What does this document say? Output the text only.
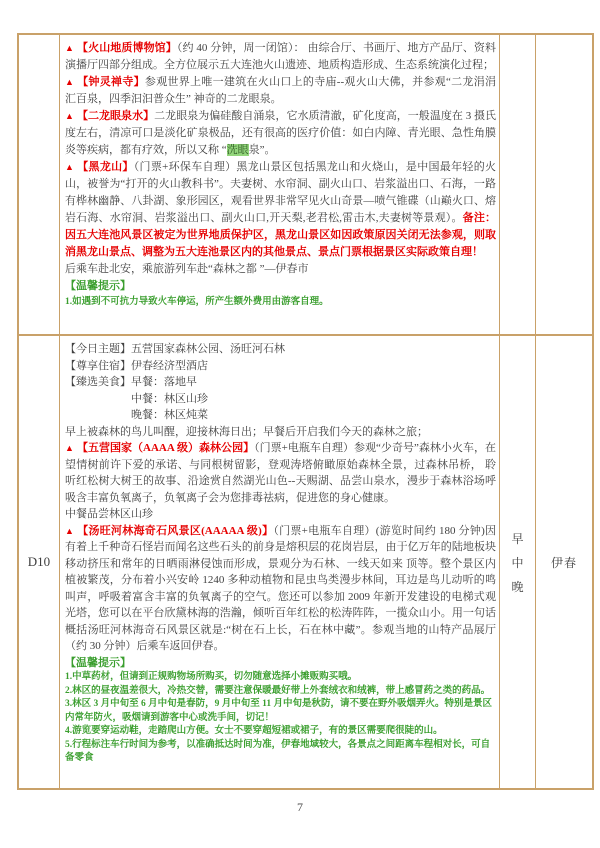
▲ 【火山地质博物馆】（约 40 分钟，周一闭馆）： 由综合厅、书画厅、地方产品厅、资料演播厅四部分组成。全方位展示五大连池火山遗迹、地质构造形成、生态系统演化过程；
▲ 【钟灵禅寺】参观世界上唯一建筑在火山口上的寺庙--观火山大佛，并参观“二龙涓涓汇百泉，四季汩汩普众生” 神奇的二龙眼泉。
▲ 【二龙眼泉水】二龙眼泉为偏硅酸自涌泉，它水质清澈，矿化度高，一般温度在 3 摄氏度左右，清凉可口是淡化矿泉极品，还有很高的医疗价值：如白内障、青光眼、急性角膜炎等疾病，都有疗效，所以又称 “洗眼泉”。
▲ 【黑龙山】（门票+环保车自理）黑龙山景区包括黑龙山和火烧山，是中国最年轻的火山，被誉为“打开的火山教科书”。夫妻树、水帘洞、副火山口、岩浆溢出口、石海，一路有桦林幽静、八卦湖、象形园区，观看世界非常罕见火山奇景—喷气锥碟（山巅火口、熔岩石海、水帘洞、岩浆溢出口、副火山口,开天梨,老君松,雷击木,夫妻树等景观）。备注：因五大连池风景区被定为世界地质保护区，黑龙山景区如因政策原因关闭无法参观，则取消黑龙山景点、调整为五大连池景区内的其他景点、景点门票根据景区实际政策自理！
后乘车赴北安，乘旅游列车赴“森林之都 ”—伊春市
【温馨提示】
1.如遇到不可抗力导致火车停运，所产生额外费用由游客自理。
D10
【今日主题】五营国家森林公园、汤旺河石林
【尊享住宿】伊春经济型酒店
【臻选美食】早餐：落地早
中餐：林区山珍
晚餐：林区炖菜
早上被森林的鸟儿叫醒，迎接林海日出；早餐后开启我们今天的森林之旅；
▲ 【五营国家（AAAA 级）森林公园】（门票+电瓶车自理）参观“少奇号”森林小火车，在望情树前许下爱的承诺、与同根树留影，登观涛塔俯瞰原始森林全景，过森林吊桥， 聆听红松树大树王的故事、沿途赏自然湖光山色--天赐湖、品尝山泉水，漫步于森林浴场呼吸含丰富负氧离子，负氧离子会为您排毒祛病，促进您的身心健康。
中餐品尝林区山珍
▲ 【汤旺河林海奇石风景区(AAAAA 级)】（门票+电瓶车自理）(游览时间约 180 分钟)因有着上千种奇石怪岩而闻名这些石头的前身是熔积层的花岗岩层，由于亿万年的陆地板块移动挤压和常年的日晒雨淋侵蚀而形成，景观分为石林、一线天如来 顶等。整个景区内植被繁茂，分布着小兴安岭 1240 多种动植物和昆虫鸟类漫步林间，耳边是鸟儿动听的鸣叫声，呼吸着富含丰富的负氧离子的空气。您还可以参加 2009 年新开发建设的电梯式观光塔，您可以在平台欣黛林海的浩瀚，倾听百年红松的松涛阵阵，一揽众山小。用一句话概括汤旺河林海奇石风景区就是:“树在石上长，石在林中藏”。参观当地的山特产品展厅（约 30 分钟）后乘车返回伊春。
【温馨提示】
1.中草药材，但请到正规购物场所购买，切勿随意选择小摊贩购买哦。
2.林区的昼夜温差很大，冷热交替，需要注意保暖最好带上外套绒衣和绒裤，带上感冒药之类的药品。
3.林区 3 月中旬至 6 月中旬是春防，9 月中旬至 11 月中旬是秋防，请不要在野外吸烟弄火。特别是景区内常年防火，吸烟请到游客中心或洗手间，切记！
4.游览要穿运动鞋，走踏爬山方便。女士不要穿超短裙或裙子，有的景区需要爬很陡的山。
5.行程标注车行时间为参考，以准确抵达时间为准，伊春地域较大，各景点之间距离车程相对长，可自备零食
早
中
晚
伊春
7
